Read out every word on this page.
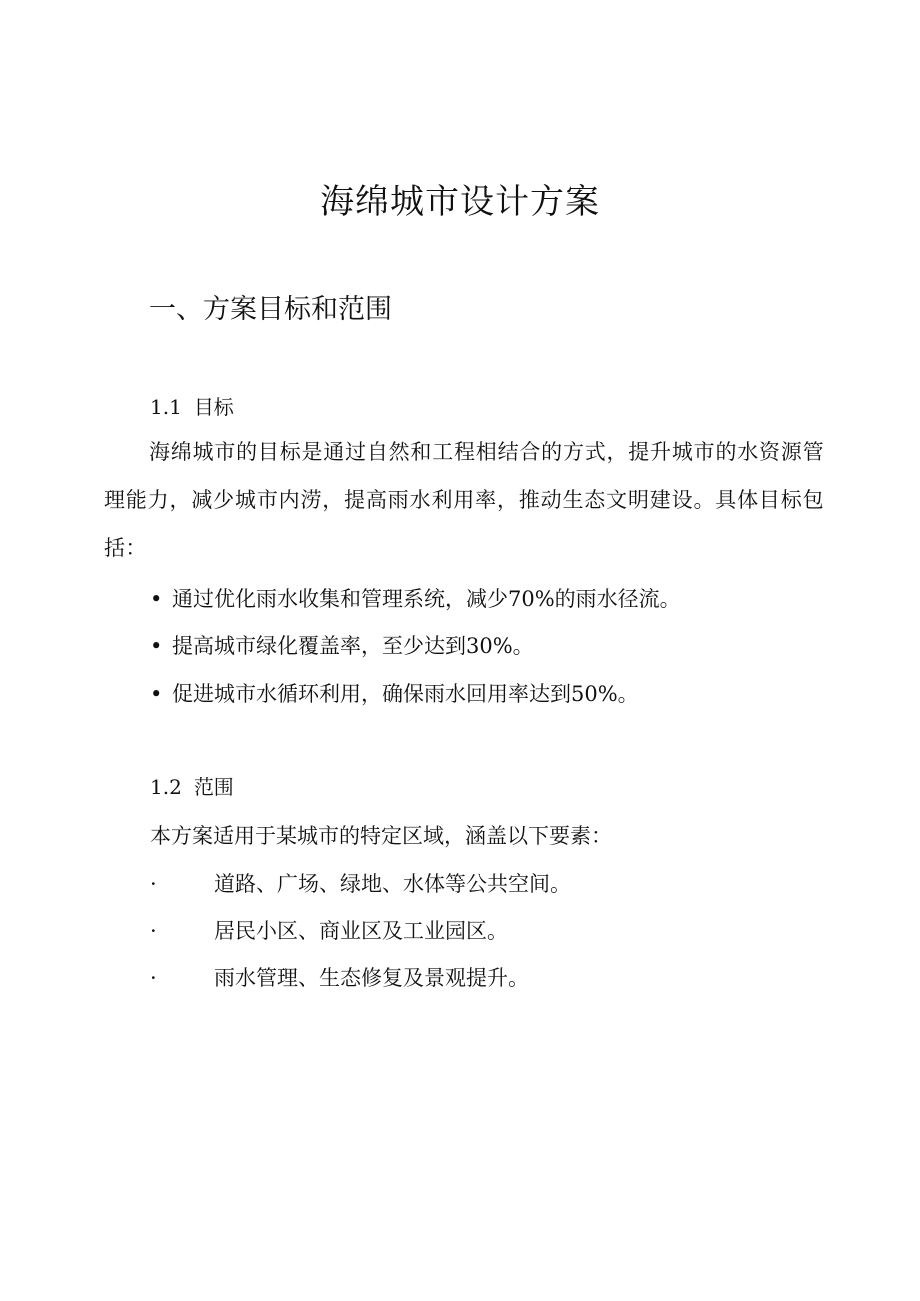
海绵城市设计方案
一、方案目标和范围
1.1 目标
海绵城市的目标是通过自然和工程相结合的方式，提升城市的水资源管理能力，减少城市内涝，提高雨水利用率，推动生态文明建设。具体目标包括：
• 通过优化雨水收集和管理系统，减少70%的雨水径流。
• 提高城市绿化覆盖率，至少达到30%。
• 促进城市水循环利用，确保雨水回用率达到50%。
1.2 范围
本方案适用于某城市的特定区域，涵盖以下要素：
·	道路、广场、绿地、水体等公共空间。
·	居民小区、商业区及工业园区。
·	雨水管理、生态修复及景观提升。
